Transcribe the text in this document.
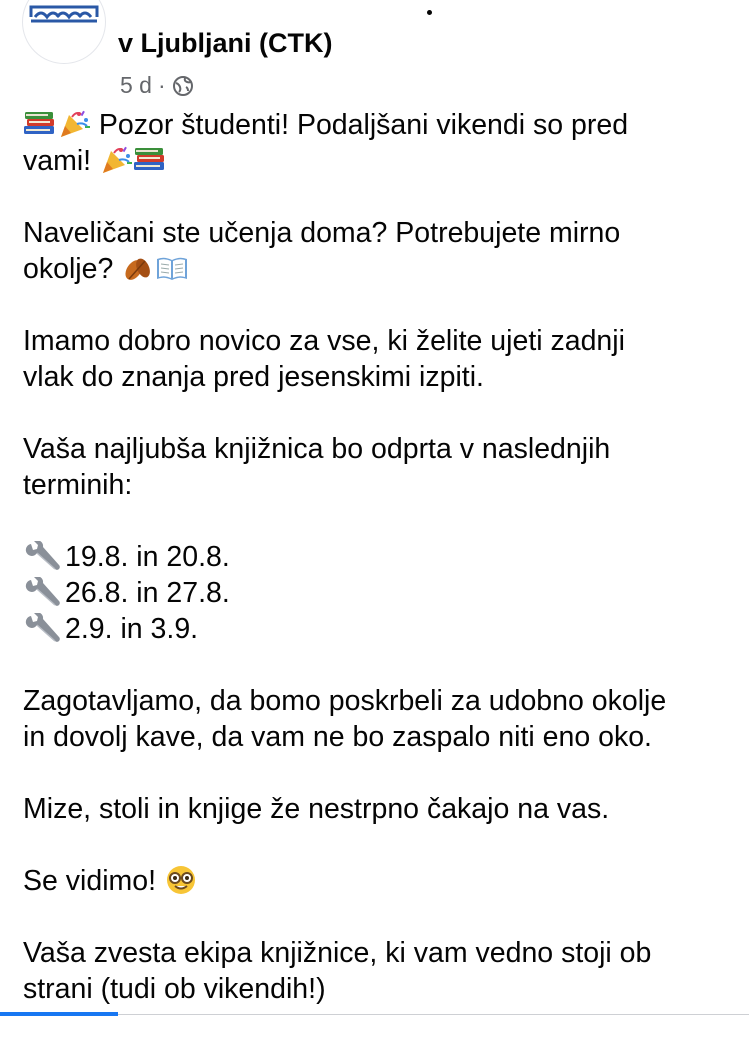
v Ljubljani (CTK)
5 d ·

Pozor študenti! Podaljšani vikendi so pred
vami!

Naveličani ste učenja doma? Potrebujete mirno
okolje?

Imamo dobro novico za vse, ki želite ujeti zadnji
vlak do znanja pred jesenskimi izpiti.

Vaša najljubša knjižnica bo odprta v naslednjih
terminih:

19.8. in 20.8.
26.8. in 27.8.
2.9. in 3.9.

Zagotavljamo, da bomo poskrbeli za udobno okolje
in dovolj kave, da vam ne bo zaspalo niti eno oko.

Mize, stoli in knjige že nestrpno čakajo na vas.

Se vidimo!

Vaša zvesta ekipa knjižnice, ki vam vedno stoji ob
strani (tudi ob vikendih!)
